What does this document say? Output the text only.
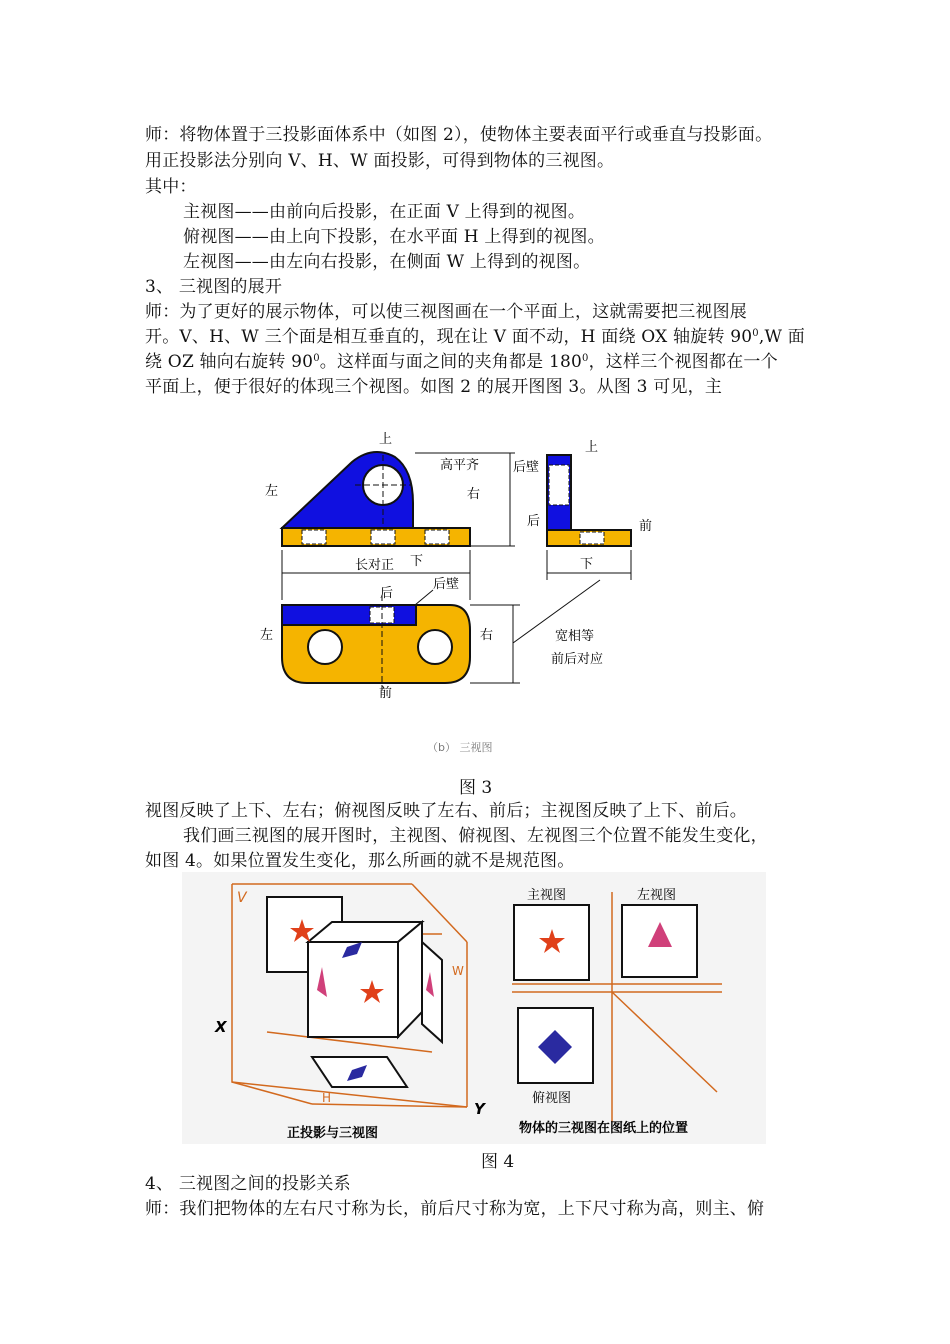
师：将物体置于三投影面体系中（如图 2），使物体主要表面平行或垂直与投影面。
用正投影法分别向 V、H、W 面投影，可得到物体的三视图。
其中：
主视图——由前向后投影，在正面 V 上得到的视图。
俯视图——由上向下投影，在水平面 H 上得到的视图。
左视图——由左向右投影，在侧面 W 上得到的视图。
3、 三视图的展开
师：为了更好的展示物体，可以使三视图画在一个平面上，这就需要把三视图展
开。V、H、W 三个面是相互垂直的，现在让 V 面不动，H 面绕 OX 轴旋转 $90^0,W$ 面
绕 OZ 轴向右旋转 $90^0$。这样面与面之间的夹角都是 $180^0$，这样三个视图都在一个
平面上，便于很好的体现三个视图。如图 2 的展开图图 3。从图 3 可见，主
上
上
左	右
高平齐	后壁
后	前
长对正 下	下
后
后壁
左	右	宽相等
前后对应
前
（b） 三视图
图 3
视图反映了上下、左右；俯视图反映了左右、前后；主视图反映了上下、前后。
我们画三视图的展开图时，主视图、俯视图、左视图三个位置不能发生变化，
如图 4。如果位置发生变化，那么所画的就不是规范图。
V
W
H
X
Y
主视图	左视图
俯视图
正投影与三视图	物体的三视图在图纸上的位置
图 4
4、 三视图之间的投影关系
师：我们把物体的左右尺寸称为长，前后尺寸称为宽，上下尺寸称为高，则主、俯
